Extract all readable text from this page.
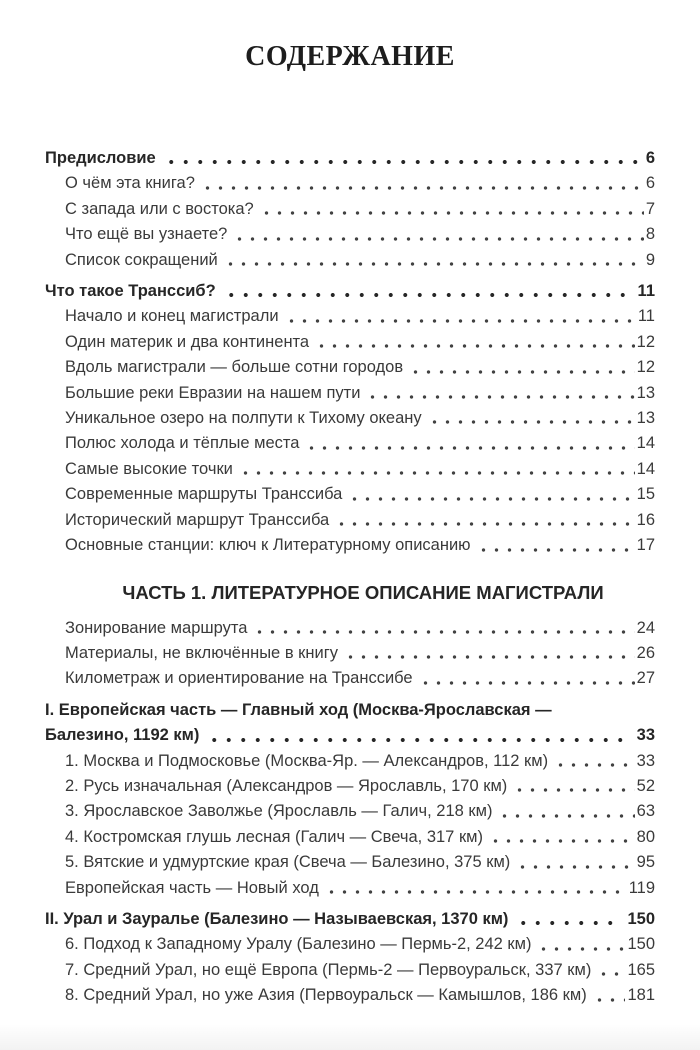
СОДЕРЖАНИЕ
Предисловие	6
О чём эта книга?	6
С запада или с востока?	7
Что ещё вы узнаете?	8
Список сокращений	9
Что такое Транссиб?	11
Начало и конец магистрали	11
Один материк и два континента	12
Вдоль магистрали — больше сотни городов	12
Большие реки Евразии на нашем пути	13
Уникальное озеро на полпути к Тихому океану	13
Полюс холода и тёплые места	14
Самые высокие точки	14
Современные маршруты Транссиба	15
Исторический маршрут Транссиба	16
Основные станции: ключ к Литературному описанию	17
ЧАСТЬ 1. ЛИТЕРАТУРНОЕ ОПИСАНИЕ МАГИСТРАЛИ
Зонирование маршрута	24
Материалы, не включённые в книгу	26
Километраж и ориентирование на Транссибе	27
I. Европейская часть — Главный ход (Москва-Ярославская —
Балезино, 1192 км)	33
1. Москва и Подмосковье (Москва-Яр. — Александров, 112 км)	33
2. Русь изначальная (Александров — Ярославль, 170 км)	52
3. Ярославское Заволжье (Ярославль — Галич, 218 км)	63
4. Костромская глушь лесная (Галич — Свеча, 317 км)	80
5. Вятские и удмуртские края (Свеча — Балезино, 375 км)	95
Европейская часть — Новый ход	119
II. Урал и Зауралье (Балезино — Называевская, 1370 км)	150
6. Подход к Западному Уралу (Балезино — Пермь-2, 242 км)	150
7. Средний Урал, но ещё Европа (Пермь-2 — Первоуральск, 337 км) 165
8. Средний Урал, но уже Азия (Первоуральск — Камышлов, 186 км) 181
